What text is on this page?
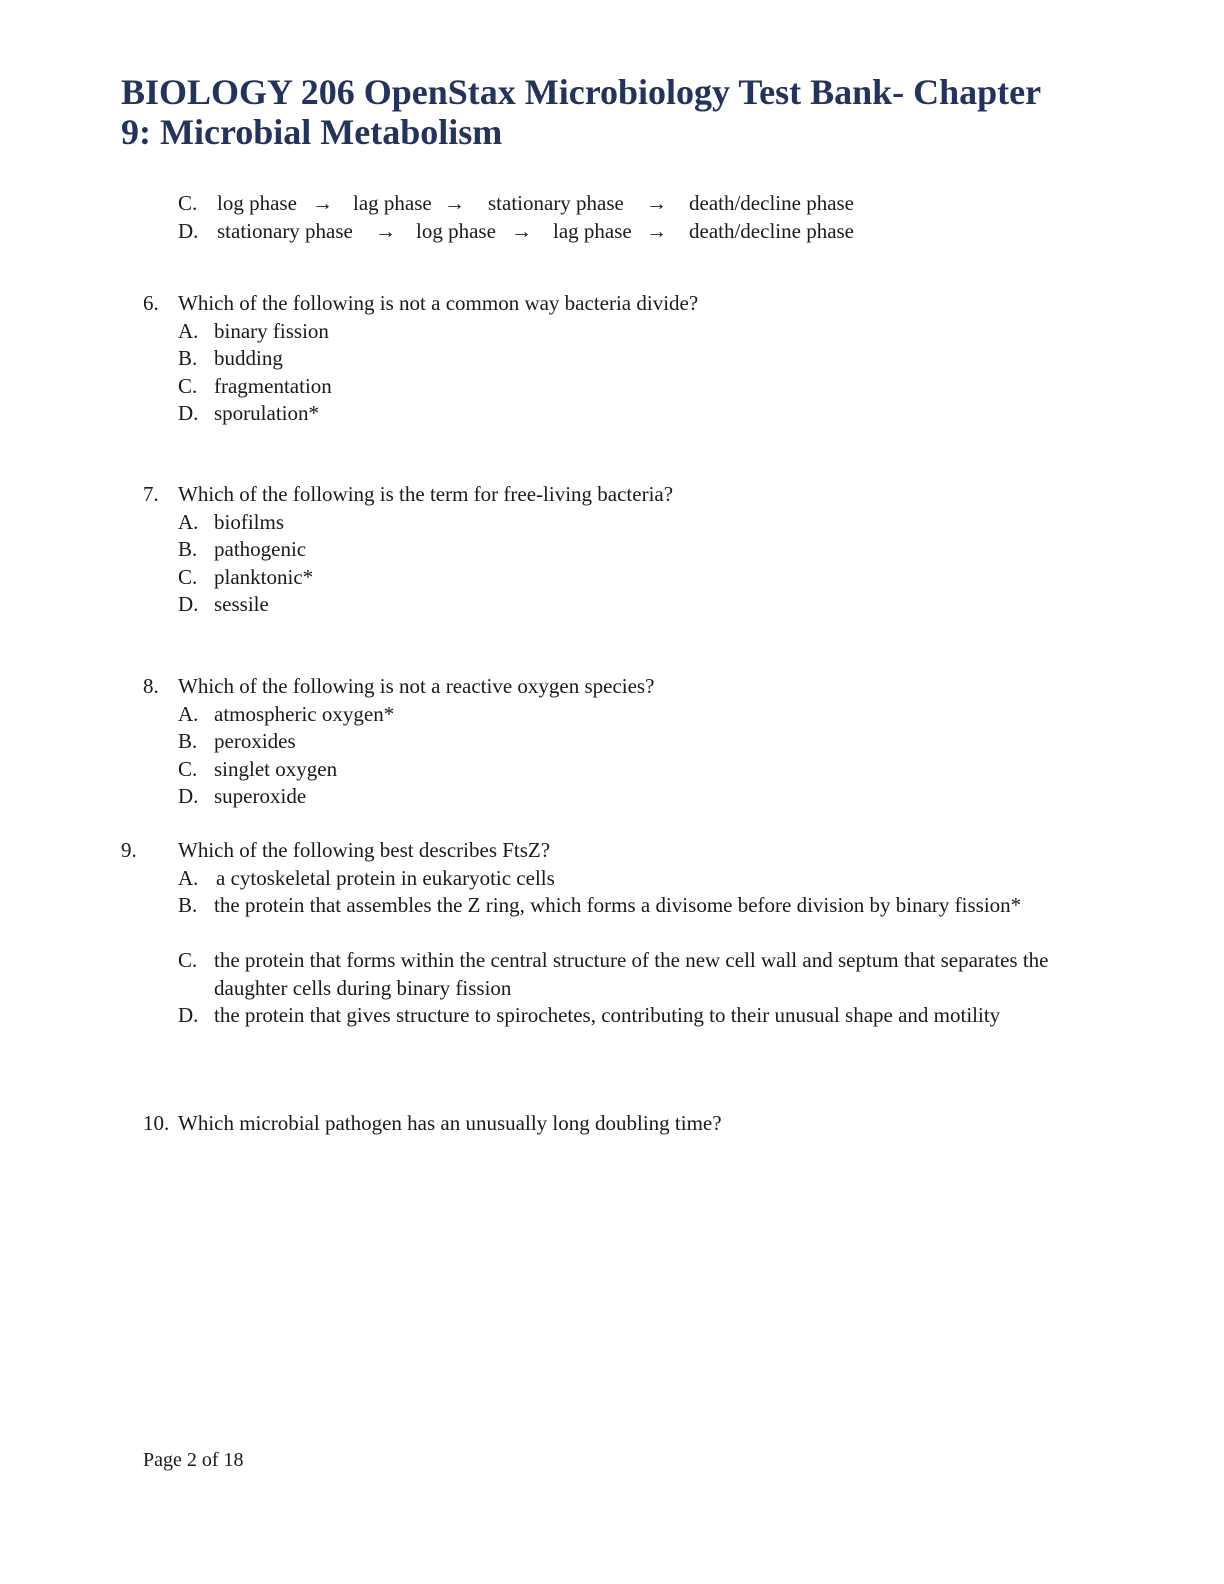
BIOLOGY 206 OpenStax Microbiology Test Bank- Chapter
9: Microbial Metabolism
C. log phase → lag phase → stationary phase → death/decline phase
D. stationary phase → log phase → lag phase → death/decline phase
6. Which of the following is not a common way bacteria divide?
A. binary fission
B. budding
C. fragmentation
D. sporulation*
7. Which of the following is the term for free-living bacteria?
A. biofilms
B. pathogenic
C. planktonic*
D. sessile
8. Which of the following is not a reactive oxygen species?
A. atmospheric oxygen*
B. peroxides
C. singlet oxygen
D. superoxide
9. Which of the following best describes FtsZ?
A. a cytoskeletal protein in eukaryotic cells
B. the protein that assembles the Z ring, which forms a divisome before division by binary fission*
C. the protein that forms within the central structure of the new cell wall and septum that separates the daughter cells during binary fission
D. the protein that gives structure to spirochetes, contributing to their unusual shape and motility
10. Which microbial pathogen has an unusually long doubling time?
Page 2 of 18
